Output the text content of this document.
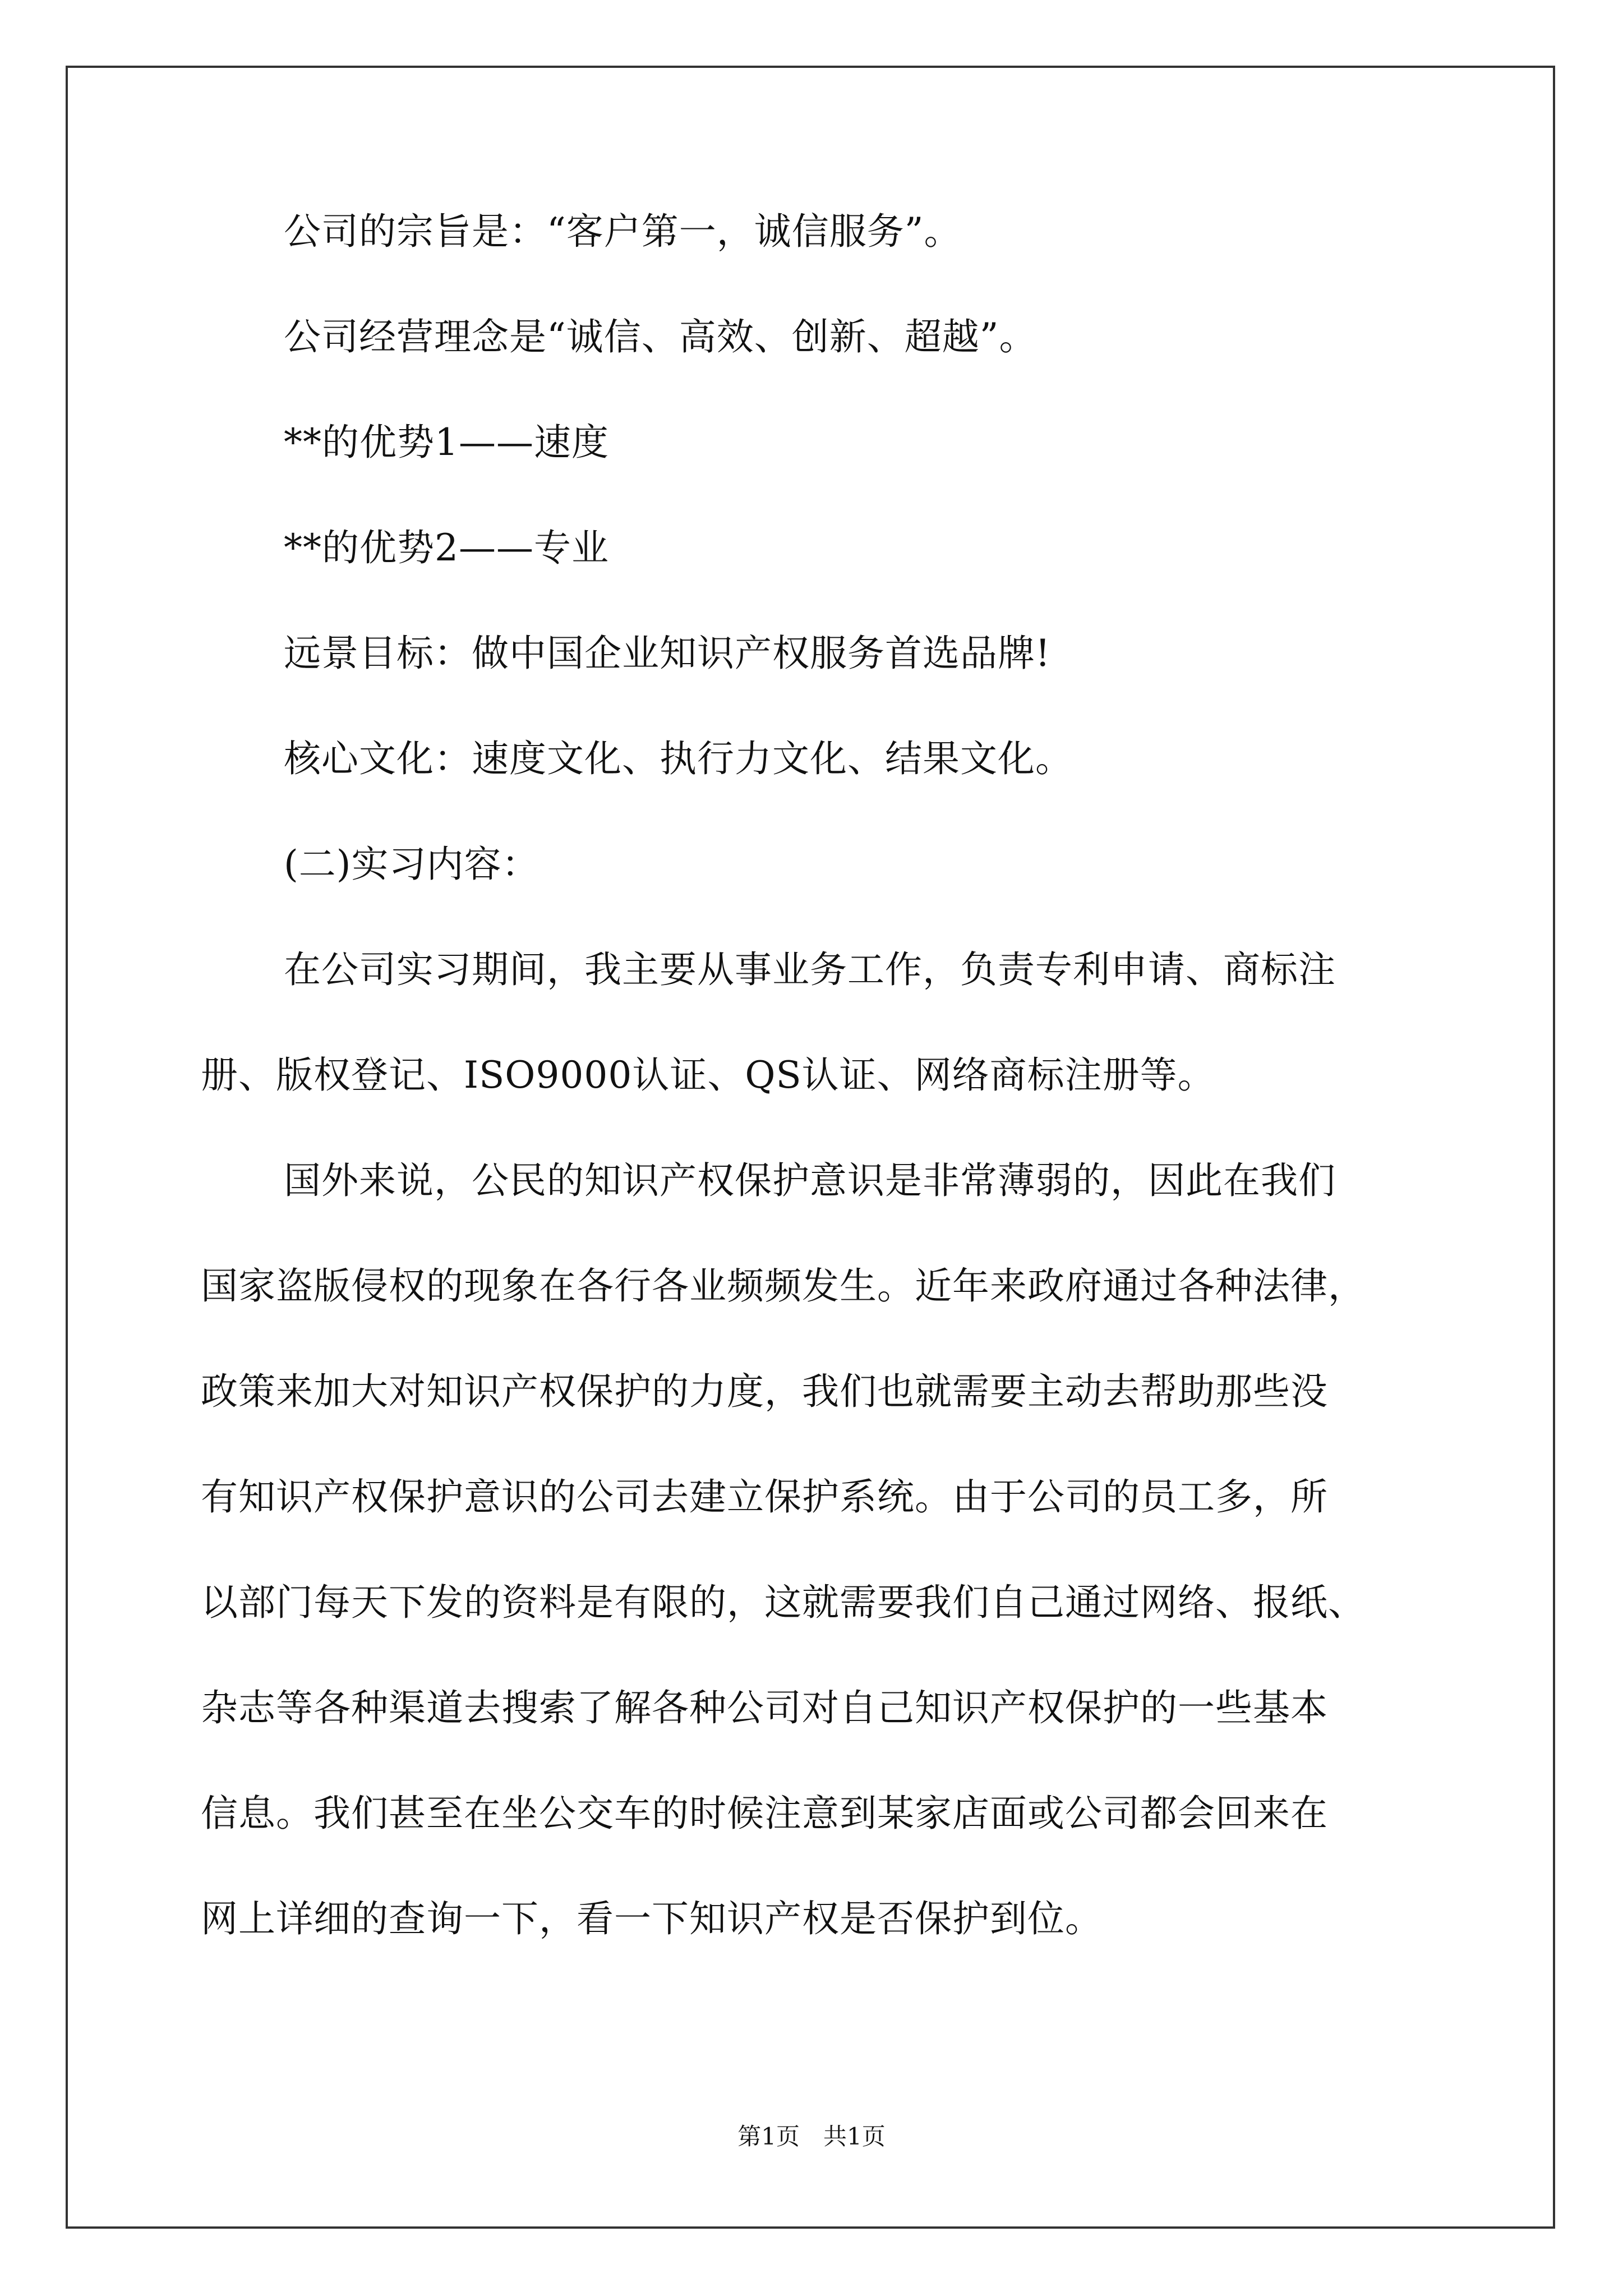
公司的宗旨是：“客户第一，诚信服务”。
公司经营理念是“诚信、高效、创新、超越”。
**的优势1——速度
**的优势2——专业
远景目标：做中国企业知识产权服务首选品牌!
核心文化：速度文化、执行力文化、结果文化。
(二)实习内容：
在公司实习期间，我主要从事业务工作，负责专利申请、商标注
册、版权登记、ISO9000认证、QS认证、网络商标注册等。
国外来说，公民的知识产权保护意识是非常薄弱的，因此在我们
国家盗版侵权的现象在各行各业频频发生。近年来政府通过各种法律，
政策来加大对知识产权保护的力度，我们也就需要主动去帮助那些没
有知识产权保护意识的公司去建立保护系统。由于公司的员工多，所
以部门每天下发的资料是有限的，这就需要我们自己通过网络、报纸、
杂志等各种渠道去搜索了解各种公司对自己知识产权保护的一些基本
信息。我们甚至在坐公交车的时候注意到某家店面或公司都会回来在
网上详细的查询一下，看一下知识产权是否保护到位。
第1页　共1页
